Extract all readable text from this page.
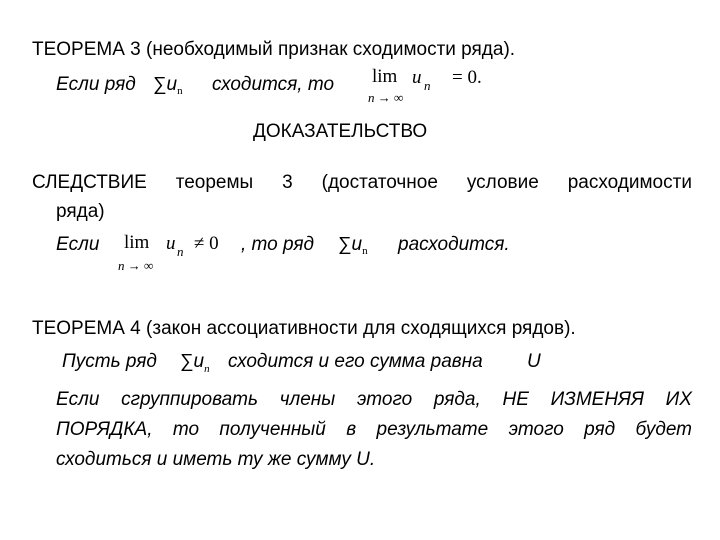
ТЕОРЕМА 3 (необходимый признак сходимости ряда).
Если ряд $\sum u_n$ сходится, то lim
n → ∞
u n = 0.
ДОКАЗАТЕЛЬСТВО
СЛЕДСТВИЕ теоремы 3 (достаточное условие расходимости
ряда)
Если lim
n → ∞
u n ≠ 0 , то ряд $\sum u_n$ расходится.
ТЕОРЕМА 4 (закон ассоциативности для сходящихся рядов).
Пусть ряд $\sum u_n$ сходится и его сумма равна U
Если сгруппировать члены этого ряда, НЕ ИЗМЕНЯЯ ИХ
ПОРЯДКА, то полученный в результате этого ряд будет
сходиться и иметь ту же сумму U.
